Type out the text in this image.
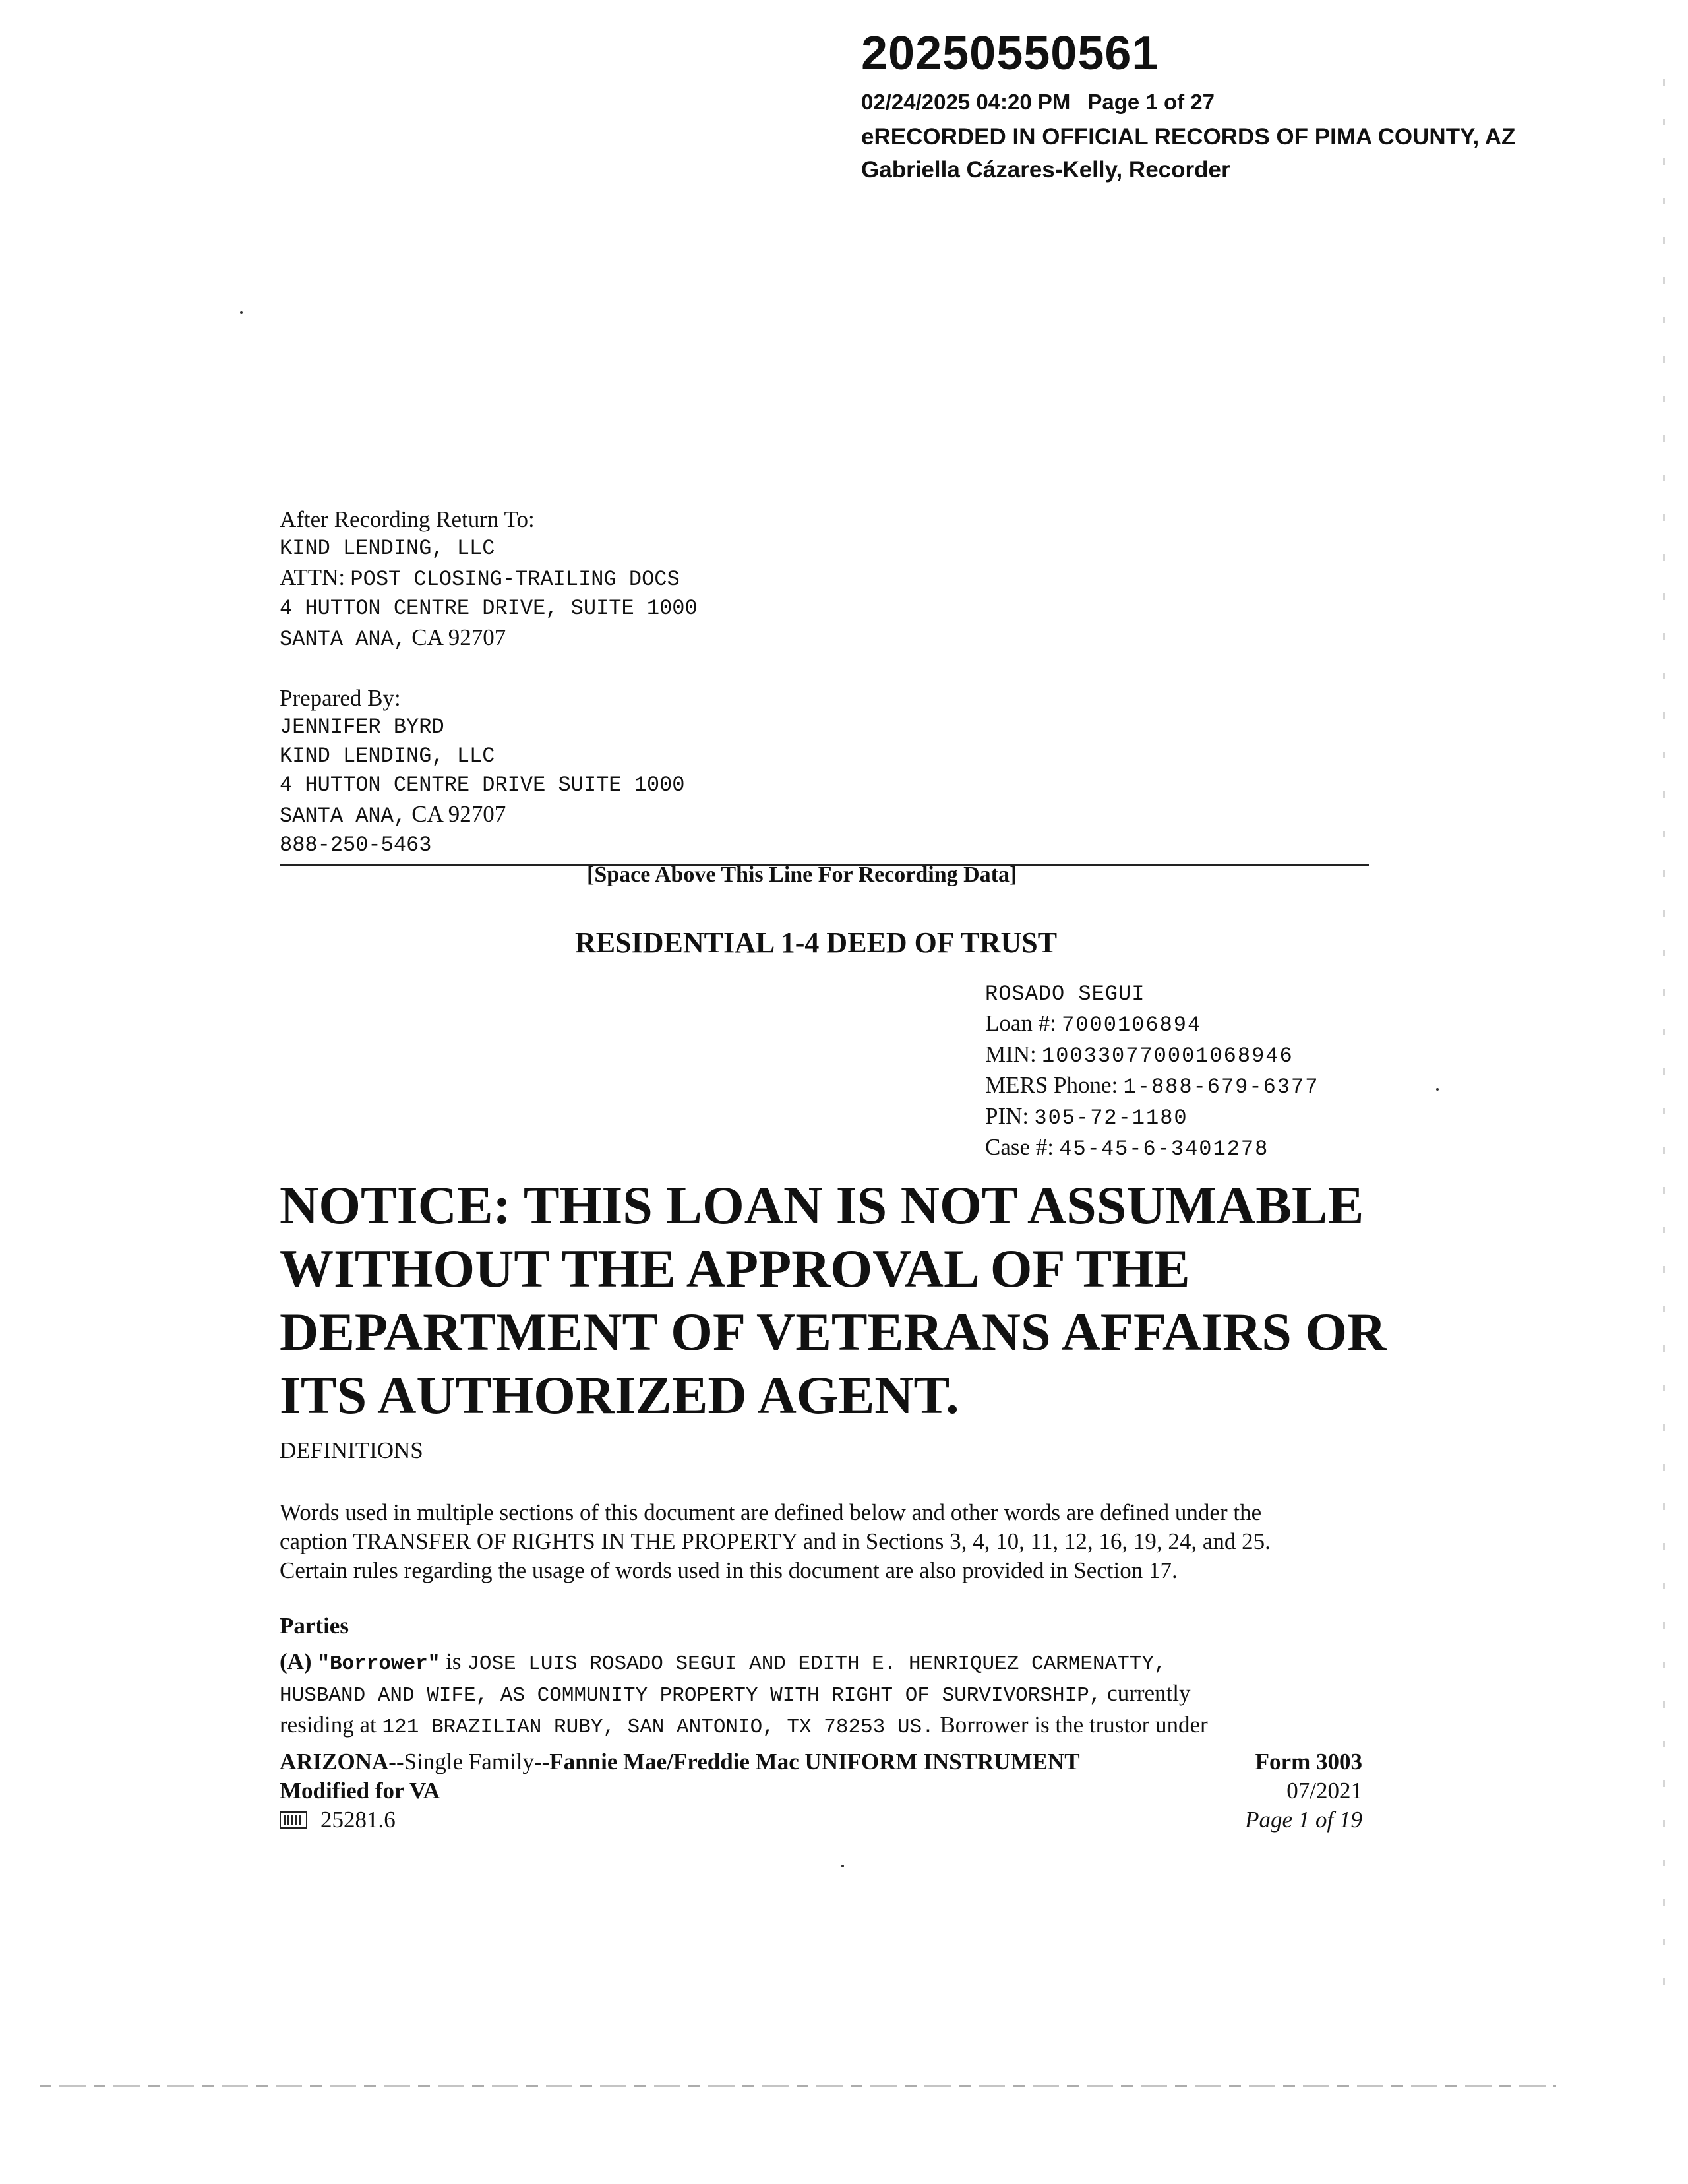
20250550561
02/24/2025 04:20 PM Page 1 of 27
eRECORDED IN OFFICIAL RECORDS OF PIMA COUNTY, AZ
Gabriella Cázares-Kelly, Recorder
After Recording Return To:
KIND LENDING, LLC
ATTN: POST CLOSING-TRAILING DOCS
4 HUTTON CENTRE DRIVE, SUITE 1000
SANTA ANA, CA 92707
Prepared By:
JENNIFER BYRD
KIND LENDING, LLC
4 HUTTON CENTRE DRIVE SUITE 1000
SANTA ANA, CA 92707
888-250-5463
[Space Above This Line For Recording Data]
RESIDENTIAL 1-4 DEED OF TRUST
ROSADO SEGUI
Loan #: 7000106894
MIN: 100330770001068946
MERS Phone: 1-888-679-6377
PIN: 305-72-1180
Case #: 45-45-6-3401278
NOTICE: THIS LOAN IS NOT ASSUMABLE
WITHOUT THE APPROVAL OF THE
DEPARTMENT OF VETERANS AFFAIRS OR
ITS AUTHORIZED AGENT.
DEFINITIONS
Words used in multiple sections of this document are defined below and other words are defined under the
caption TRANSFER OF RIGHTS IN THE PROPERTY and in Sections 3, 4, 10, 11, 12, 16, 19, 24, and 25.
Certain rules regarding the usage of words used in this document are also provided in Section 17.
Parties
(A) "Borrower" is JOSE LUIS ROSADO SEGUI AND EDITH E. HENRIQUEZ CARMENATTY,
HUSBAND AND WIFE, AS COMMUNITY PROPERTY WITH RIGHT OF SURVIVORSHIP, currently
residing at 121 BRAZILIAN RUBY, SAN ANTONIO, TX 78253 US. Borrower is the trustor under
ARIZONA--Single Family--Fannie Mae/Freddie Mac UNIFORM INSTRUMENT
Modified for VA
25281.6
Form 3003
07/2021
Page 1 of 19
